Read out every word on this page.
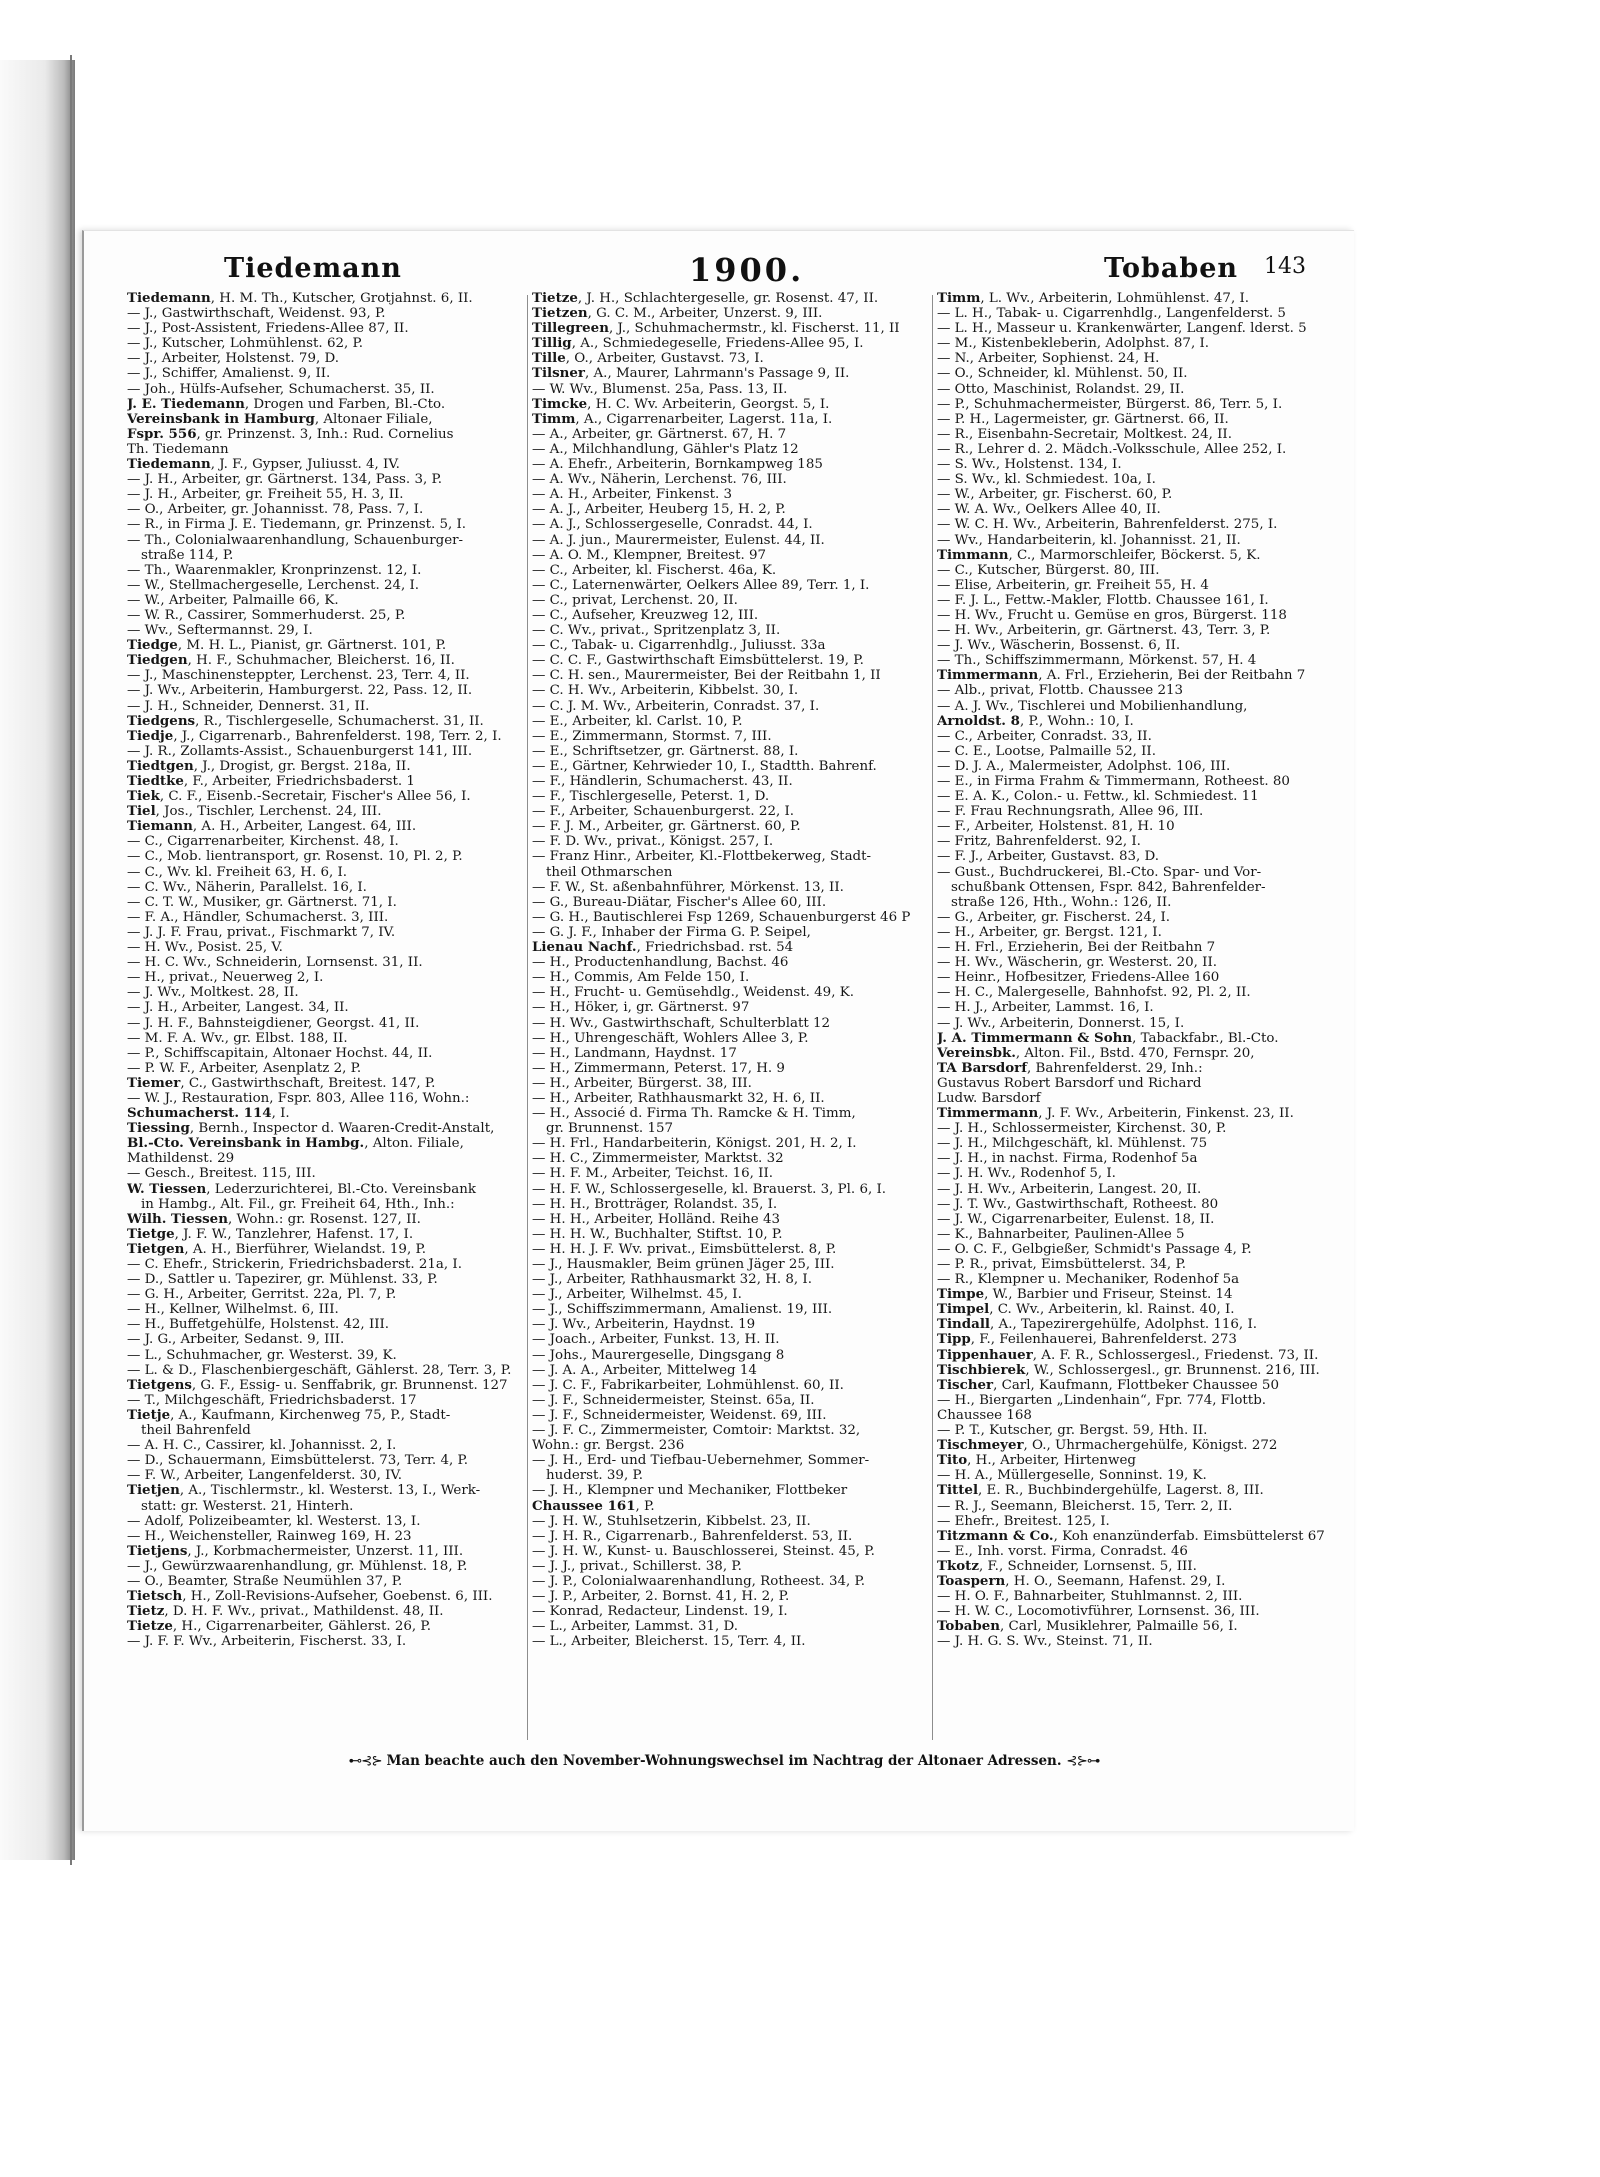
Tiedemann	1900.	Tobaben 143
Tiedemann, H. M. Th., Kutscher, Grotjahnst. 6, II.
— J., Gastwirthschaft, Weidenst. 93, P.
— J., Post-Assistent, Friedens-Allee 87, II.
— J., Kutscher, Lohmühlenst. 62, P.
— J., Arbeiter, Holstenst. 79, D.
— J., Schiffer, Amalienst. 9, II.
— Joh., Hülfs-Aufseher, Schumacherst. 35, II.
J. E. Tiedemann, Drogen und Farben, Bl.-Cto.
Vereinsbank in Hamburg, Altonaer Filiale,
Fspr. 556, gr. Prinzenst. 3, Inh.: Rud. Cornelius
Th. Tiedemann
Tiedemann, J. F., Gypser, Juliusst. 4, IV.
— J. H., Arbeiter, gr. Gärtnerst. 134, Pass. 3, P.
— J. H., Arbeiter, gr. Freiheit 55, H. 3, II.
— O., Arbeiter, gr. Johannisst. 78, Pass. 7, I.
— R., in Firma J. E. Tiedemann, gr. Prinzenst. 5, I.
— Th., Colonialwaarenhandlung, Schauenburger-
straße 114, P.
— Th., Waarenmakler, Kronprinzenst. 12, I.
— W., Stellmachergeselle, Lerchenst. 24, I.
— W., Arbeiter, Palmaille 66, K.
— W. R., Cassirer, Sommerhuderst. 25, P.
— Wv., Seftermannst. 29, I.
Tiedge, M. H. L., Pianist, gr. Gärtnerst. 101, P.
Tiedgen, H. F., Schuhmacher, Bleicherst. 16, II.
— J., Maschinensteppter, Lerchenst. 23, Terr. 4, II.
— J. Wv., Arbeiterin, Hamburgerst. 22, Pass. 12, II.
— J. H., Schneider, Dennerst. 31, II.
Tiedgens, R., Tischlergeselle, Schumacherst. 31, II.
Tiedje, J., Cigarrenarb., Bahrenfelderst. 198, Terr. 2, I.
— J. R., Zollamts-Assist., Schauenburgerst 141, III.
Tiedtgen, J., Drogist, gr. Bergst. 218a, II.
Tiedtke, F., Arbeiter, Friedrichsbaderst. 1
Tiek, C. F., Eisenb.-Secretair, Fischer's Allee 56, I.
Tiel, Jos., Tischler, Lerchenst. 24, III.
Tiemann, A. H., Arbeiter, Langest. 64, III.
— C., Cigarrenarbeiter, Kirchenst. 48, I.
— C., Mob. lientransport, gr. Rosenst. 10, Pl. 2, P.
— C., Wv. kl. Freiheit 63, H. 6, I.
— C. Wv., Näherin, Parallelst. 16, I.
— C. T. W., Musiker, gr. Gärtnerst. 71, I.
— F. A., Händler, Schumacherst. 3, III.
— J. J. F. Frau, privat., Fischmarkt 7, IV.
— H. Wv., Posist. 25, V.
— H. C. Wv., Schneiderin, Lornsenst. 31, II.
— H., privat., Neuerweg 2, I.
— J. Wv., Moltkest. 28, II.
— J. H., Arbeiter, Langest. 34, II.
— J. H. F., Bahnsteigdiener, Georgst. 41, II.
— M. F. A. Wv., gr. Elbst. 188, II.
— P., Schiffscapitain, Altonaer Hochst. 44, II.
— P. W. F., Arbeiter, Asenplatz 2, P.
Tiemer, C., Gastwirthschaft, Breitest. 147, P.
— W. J., Restauration, Fspr. 803, Allee 116, Wohn.:
Schumacherst. 114, I.
Tiessing, Bernh., Inspector d. Waaren-Credit-Anstalt,
Bl.-Cto. Vereinsbank in Hambg., Alton. Filiale,
Mathildenst. 29
— Gesch., Breitest. 115, III.
W. Tiessen, Lederzurichterei, Bl.-Cto. Vereinsbank
in Hambg., Alt. Fil., gr. Freiheit 64, Hth., Inh.:
Wilh. Tiessen, Wohn.: gr. Rosenst. 127, II.
Tietge, J. F. W., Tanzlehrer, Hafenst. 17, I.
Tietgen, A. H., Bierführer, Wielandst. 19, P.
— C. Ehefr., Strickerin, Friedrichsbaderst. 21a, I.
— D., Sattler u. Tapezirer, gr. Mühlenst. 33, P.
— G. H., Arbeiter, Gerritst. 22a, Pl. 7, P.
— H., Kellner, Wilhelmst. 6, III.
— H., Buffetgehülfe, Holstenst. 42, III.
— J. G., Arbeiter, Sedanst. 9, III.
— L., Schuhmacher, gr. Westerst. 39, K.
— L. & D., Flaschenbiergeschäft, Gählerst. 28, Terr. 3, P.
Tietgens, G. F., Essig- u. Senffabrik, gr. Brunnenst. 127
— T., Milchgeschäft, Friedrichsbaderst. 17
Tietje, A., Kaufmann, Kirchenweg 75, P., Stadt-
theil Bahrenfeld
— A. H. C., Cassirer, kl. Johannisst. 2, I.
— D., Schauermann, Eimsbüttelerst. 73, Terr. 4, P.
— F. W., Arbeiter, Langenfelderst. 30, IV.
Tietjen, A., Tischlermstr., kl. Westerst. 13, I., Werk-
statt: gr. Westerst. 21, Hinterh.
— Adolf, Polizeibeamter, kl. Westerst. 13, I.
— H., Weichensteller, Rainweg 169, H. 23
Tietjens, J., Korbmachermeister, Unzerst. 11, III.
— J., Gewürzwaarenhandlung, gr. Mühlenst. 18, P.
— O., Beamter, Straße Neumühlen 37, P.
Tietsch, H., Zoll-Revisions-Aufseher, Goebenst. 6, III.
Tietz, D. H. F. Wv., privat., Mathildenst. 48, II.
Tietze, H., Cigarrenarbeiter, Gählerst. 26, P.
— J. F. F. Wv., Arbeiterin, Fischerst. 33, I.
Tietze, J. H., Schlachtergeselle, gr. Rosenst. 47, II.
Tietzen, G. C. M., Arbeiter, Unzerst. 9, III.
Tillegreen, J., Schuhmachermstr., kl. Fischerst. 11, II
Tillig, A., Schmiedegeselle, Friedens-Allee 95, I.
Tille, O., Arbeiter, Gustavst. 73, I.
Tilsner, A., Maurer, Lahrmann's Passage 9, II.
— W. Wv., Blumenst. 25a, Pass. 13, II.
Timcke, H. C. Wv. Arbeiterin, Georgst. 5, I.
Timm, A., Cigarrenarbeiter, Lagerst. 11a, I.
— A., Arbeiter, gr. Gärtnerst. 67, H. 7
— A., Milchhandlung, Gähler's Platz 12
— A. Ehefr., Arbeiterin, Bornkampweg 185
— A. Wv., Näherin, Lerchenst. 76, III.
— A. H., Arbeiter, Finkenst. 3
— A. J., Arbeiter, Heuberg 15, H. 2, P.
— A. J., Schlossergeselle, Conradst. 44, I.
— A. J. jun., Maurermeister, Eulenst. 44, II.
— A. O. M., Klempner, Breitest. 97
— C., Arbeiter, kl. Fischerst. 46a, K.
— C., Laternenwärter, Oelkers Allee 89, Terr. 1, I.
— C., privat, Lerchenst. 20, II.
— C., Aufseher, Kreuzweg 12, III.
— C. Wv., privat., Spritzenplatz 3, II.
— C., Tabak- u. Cigarrenhdlg., Juliusst. 33a
— C. C. F., Gastwirthschaft Eimsbüttelerst. 19, P.
— C. H. sen., Maurermeister, Bei der Reitbahn 1, II
— C. H. Wv., Arbeiterin, Kibbelst. 30, I.
— C. J. M. Wv., Arbeiterin, Conradst. 37, I.
— E., Arbeiter, kl. Carlst. 10, P.
— E., Zimmermann, Stormst. 7, III.
— E., Schriftsetzer, gr. Gärtnerst. 88, I.
— E., Gärtner, Kehrwieder 10, I., Stadtth. Bahrenf.
— F., Händlerin, Schumacherst. 43, II.
— F., Tischlergeselle, Peterst. 1, D.
— F., Arbeiter, Schauenburgerst. 22, I.
— F. J. M., Arbeiter, gr. Gärtnerst. 60, P.
— F. D. Wv., privat., Königst. 257, I.
— Franz Hinr., Arbeiter, Kl.-Flottbekerweg, Stadt-
theil Othmarschen
— F. W., St. aßenbahnführer, Mörkenst. 13, II.
— G., Bureau-Diätar, Fischer's Allee 60, III.
— G. H., Bautischlerei Fsp 1269, Schauenburgerst 46 P
— G. J. F., Inhaber der Firma G. P. Seipel,
Lienau Nachf., Friedrichsbad. rst. 54
— H., Productenhandlung, Bachst. 46
— H., Commis, Am Felde 150, I.
— H., Frucht- u. Gemüsehdlg., Weidenst. 49, K.
— H., Höker, i, gr. Gärtnerst. 97
— H. Wv., Gastwirthschaft, Schulterblatt 12
— H., Uhrengeschäft, Wohlers Allee 3, P.
— H., Landmann, Haydnst. 17
— H., Zimmermann, Peterst. 17, H. 9
— H., Arbeiter, Bürgerst. 38, III.
— H., Arbeiter, Rathhausmarkt 32, H. 6, II.
— H., Associé d. Firma Th. Ramcke & H. Timm,
gr. Brunnenst. 157
— H. Frl., Handarbeiterin, Königst. 201, H. 2, I.
— H. C., Zimmermeister, Marktst. 32
— H. F. M., Arbeiter, Teichst. 16, II.
— H. F. W., Schlossergeselle, kl. Brauerst. 3, Pl. 6, I.
— H. H., Brotträger, Rolandst. 35, I.
— H. H., Arbeiter, Holländ. Reihe 43
— H. H. W., Buchhalter, Stiftst. 10, P.
— H. H. J. F. Wv. privat., Eimsbüttelerst. 8, P.
— J., Hausmakler, Beim grünen Jäger 25, III.
— J., Arbeiter, Rathhausmarkt 32, H. 8, I.
— J., Arbeiter, Wilhelmst. 45, I.
— J., Schiffszimmermann, Amalienst. 19, III.
— J. Wv., Arbeiterin, Haydnst. 19
— Joach., Arbeiter, Funkst. 13, H. II.
— Johs., Maurergeselle, Dingsgang 8
— J. A. A., Arbeiter, Mittelweg 14
— J. C. F., Fabrikarbeiter, Lohmühlenst. 60, II.
— J. F., Schneidermeister, Steinst. 65a, II.
— J. F., Schneidermeister, Weidenst. 69, III.
— J. F. C., Zimmermeister, Comtoir: Marktst. 32,
Wohn.: gr. Bergst. 236
— J. H., Erd- und Tiefbau-Uebernehmer, Sommer-
huderst. 39, P.
— J. H., Klempner und Mechaniker, Flottbeker
Chaussee 161, P.
— J. H. W., Stuhlsetzerin, Kibbelst. 23, II.
— J. H. R., Cigarrenarb., Bahrenfelderst. 53, II.
— J. H. W., Kunst- u. Bauschlosserei, Steinst. 45, P.
— J. J., privat., Schillerst. 38, P.
— J. P., Colonialwaarenhandlung, Rotheest. 34, P.
— J. P., Arbeiter, 2. Bornst. 41, H. 2, P.
— Konrad, Redacteur, Lindenst. 19, I.
— L., Arbeiter, Lammst. 31, D.
— L., Arbeiter, Bleicherst. 15, Terr. 4, II.
Timm, L. Wv., Arbeiterin, Lohmühlenst. 47, I.
— L. H., Tabak- u. Cigarrenhdlg., Langenfelderst. 5
— L. H., Masseur u. Krankenwärter, Langenf. lderst. 5
— M., Kistenbekleberin, Adolphst. 87, I.
— N., Arbeiter, Sophienst. 24, H.
— O., Schneider, kl. Mühlenst. 50, II.
— Otto, Maschinist, Rolandst. 29, II.
— P., Schuhmachermeister, Bürgerst. 86, Terr. 5, I.
— P. H., Lagermeister, gr. Gärtnerst. 66, II.
— R., Eisenbahn-Secretair, Moltkest. 24, II.
— R., Lehrer d. 2. Mädch.-Volksschule, Allee 252, I.
— S. Wv., Holstenst. 134, I.
— S. Wv., kl. Schmiedest. 10a, I.
— W., Arbeiter, gr. Fischerst. 60, P.
— W. A. Wv., Oelkers Allee 40, II.
— W. C. H. Wv., Arbeiterin, Bahrenfelderst. 275, I.
— Wv., Handarbeiterin, kl. Johannisst. 21, II.
Timmann, C., Marmorschleifer, Böckerst. 5, K.
— C., Kutscher, Bürgerst. 80, III.
— Elise, Arbeiterin, gr. Freiheit 55, H. 4
— F. J. L., Fettw.-Makler, Flottb. Chaussee 161, I.
— H. Wv., Frucht u. Gemüse en gros, Bürgerst. 118
— H. Wv., Arbeiterin, gr. Gärtnerst. 43, Terr. 3, P.
— J. Wv., Wäscherin, Bossenst. 6, II.
— Th., Schiffszimmermann, Mörkenst. 57, H. 4
Timmermann, A. Frl., Erzieherin, Bei der Reitbahn 7
— Alb., privat, Flottb. Chaussee 213
— A. J. Wv., Tischlerei und Mobilienhandlung,
Arnoldst. 8, P., Wohn.: 10, I.
— C., Arbeiter, Conradst. 33, II.
— C. E., Lootse, Palmaille 52, II.
— D. J. A., Malermeister, Adolphst. 106, III.
— E., in Firma Frahm & Timmermann, Rotheest. 80
— E. A. K., Colon.- u. Fettw., kl. Schmiedest. 11
— F. Frau Rechnungsrath, Allee 96, III.
— F., Arbeiter, Holstenst. 81, H. 10
— Fritz, Bahrenfelderst. 92, I.
— F. J., Arbeiter, Gustavst. 83, D.
— Gust., Buchdruckerei, Bl.-Cto. Spar- und Vor-
schußbank Ottensen, Fspr. 842, Bahrenfelder-
straße 126, Hth., Wohn.: 126, II.
— G., Arbeiter, gr. Fischerst. 24, I.
— H., Arbeiter, gr. Bergst. 121, I.
— H. Frl., Erzieherin, Bei der Reitbahn 7
— H. Wv., Wäscherin, gr. Westerst. 20, II.
— Heinr., Hofbesitzer, Friedens-Allee 160
— H. C., Malergeselle, Bahnhofst. 92, Pl. 2, II.
— H. J., Arbeiter, Lammst. 16, I.
— J. Wv., Arbeiterin, Donnerst. 15, I.
J. A. Timmermann & Sohn, Tabackfabr., Bl.-Cto.
Vereinsbk., Alton. Fil., Bstd. 470, Fernspr. 20,
TA Barsdorf, Bahrenfelderst. 29, Inh.:
Gustavus Robert Barsdorf und Richard
Ludw. Barsdorf
Timmermann, J. F. Wv., Arbeiterin, Finkenst. 23, II.
— J. H., Schlossermeister, Kirchenst. 30, P.
— J. H., Milchgeschäft, kl. Mühlenst. 75
— J. H., in nachst. Firma, Rodenhof 5a
— J. H. Wv., Rodenhof 5, I.
— J. H. Wv., Arbeiterin, Langest. 20, II.
— J. T. Wv., Gastwirthschaft, Rotheest. 80
— J. W., Cigarrenarbeiter, Eulenst. 18, II.
— K., Bahnarbeiter, Paulinen-Allee 5
— O. C. F., Gelbgießer, Schmidt's Passage 4, P.
— P. R., privat, Eimsbüttelerst. 34, P.
— R., Klempner u. Mechaniker, Rodenhof 5a
Timpe, W., Barbier und Friseur, Steinst. 14
Timpel, C. Wv., Arbeiterin, kl. Rainst. 40, I.
Tindall, A., Tapezirergehülfe, Adolphst. 116, I.
Tipp, F., Feilenhauerei, Bahrenfelderst. 273
Tippenhauer, A. F. R., Schlossergesl., Friedenst. 73, II.
Tischbierek, W., Schlossergesl., gr. Brunnenst. 216, III.
Tischer, Carl, Kaufmann, Flottbeker Chaussee 50
— H., Biergarten „Lindenhain“, Fpr. 774, Flottb.
Chaussee 168
— P. T., Kutscher, gr. Bergst. 59, Hth. II.
Tischmeyer, O., Uhrmachergehülfe, Königst. 272
Tito, H., Arbeiter, Hirtenweg
— H. A., Müllergeselle, Sonninst. 19, K.
Tittel, E. R., Buchbindergehülfe, Lagerst. 8, III.
— R. J., Seemann, Bleicherst. 15, Terr. 2, II.
— Ehefr., Breitest. 125, I.
Titzmann & Co., Koh enanzünderfab. Eimsbüttelerst 67
— E., Inh. vorst. Firma, Conradst. 46
Tkotz, F., Schneider, Lornsenst. 5, III.
Toaspern, H. O., Seemann, Hafenst. 29, I.
— H. O. F., Bahnarbeiter, Stuhlmannst. 2, III.
— H. W. C., Locomotivführer, Lornsenst. 36, III.
Tobaben, Carl, Musiklehrer, Palmaille 56, I.
— J. H. G. S. Wv., Steinst. 71, II.
⊷⊰⊱ Man beachte auch den November-Wohnungswechsel im Nachtrag der Altonaer Adressen. ⊰⊱⊶
